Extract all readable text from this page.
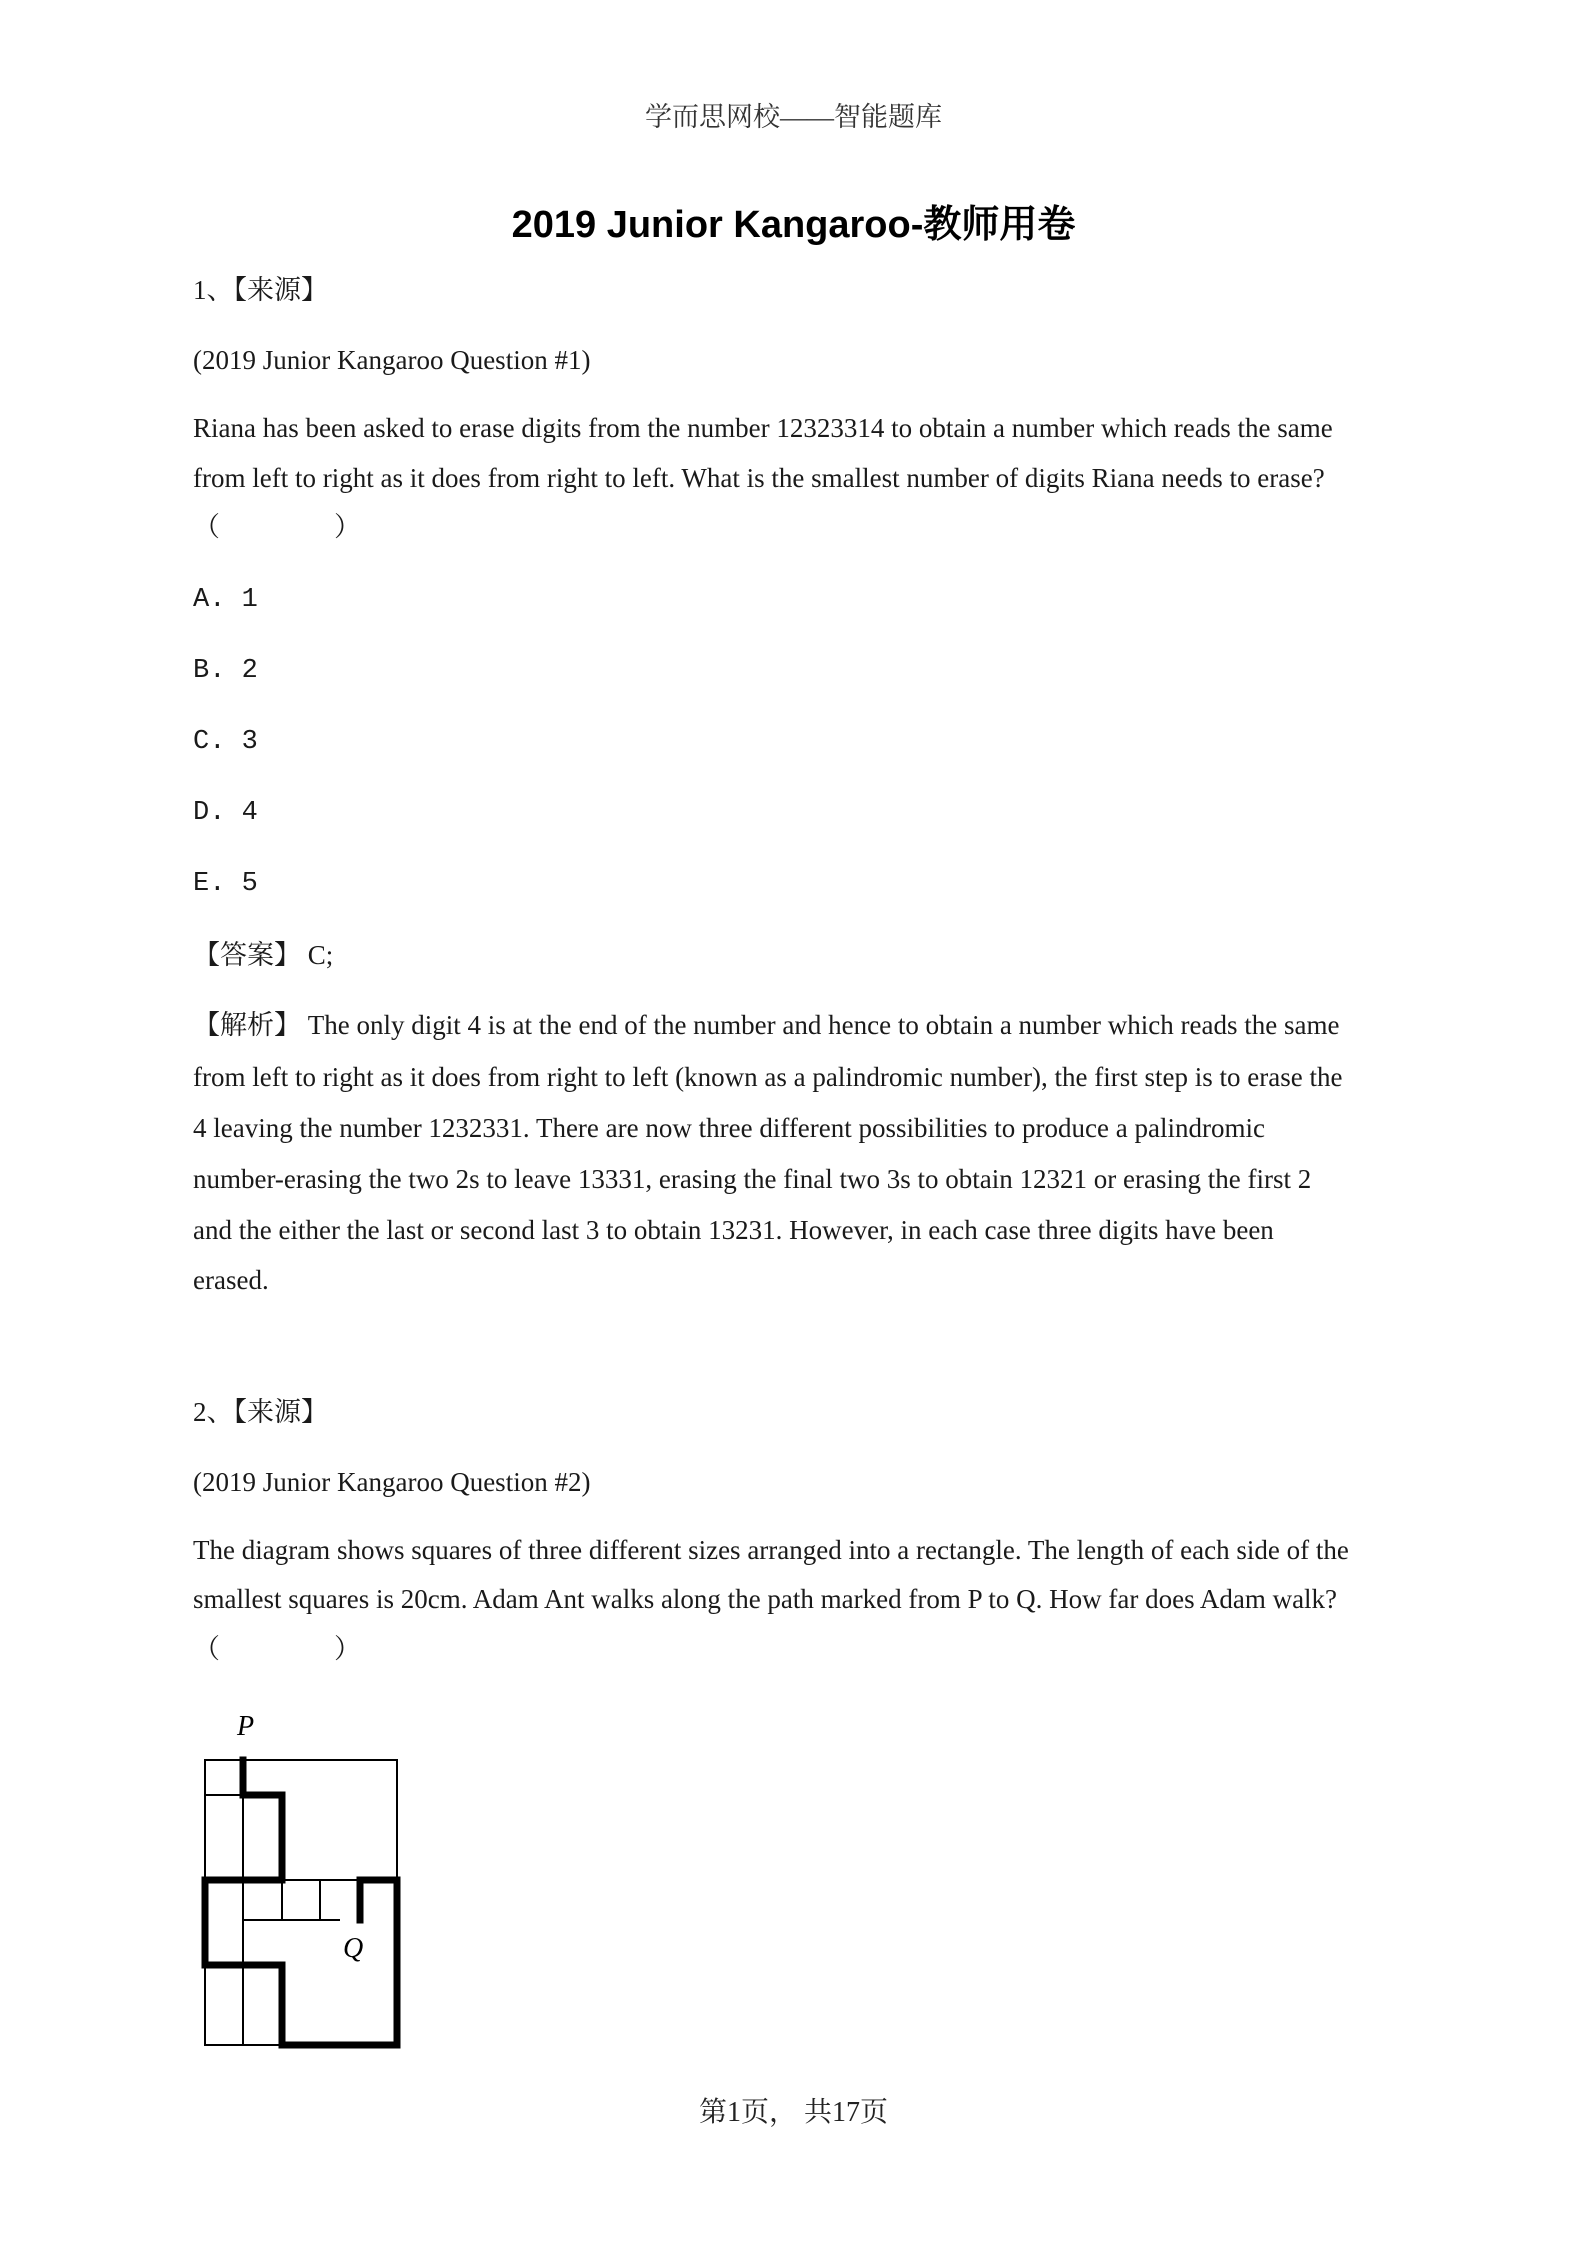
学而思网校——智能题库
2019 Junior Kangaroo-教师用卷
1、【来源】
(2019 Junior Kangaroo Question #1)
Riana has been asked to erase digits from the number 12323314 to obtain a number which reads the same
from left to right as it does from right to left. What is the smallest number of digits Riana needs to erase?
（　　）
A. 1
B. 2
C. 3
D. 4
E. 5
【答案】 C;
【解析】 The only digit 4 is at the end of the number and hence to obtain a number which reads the same
from left to right as it does from right to left (known as a palindromic number), the first step is to erase the
4 leaving the number 1232331. There are now three different possibilities to produce a palindromic
number-erasing the two 2s to leave 13331, erasing the final two 3s to obtain 12321 or erasing the first 2
and the either the last or second last 3 to obtain 13231. However, in each case three digits have been
erased.
2、【来源】
(2019 Junior Kangaroo Question #2)
The diagram shows squares of three different sizes arranged into a rectangle. The length of each side of the
smallest squares is 20cm. Adam Ant walks along the path marked from P to Q. How far does Adam walk?
（　　）
P
Q
第1页， 共17页
